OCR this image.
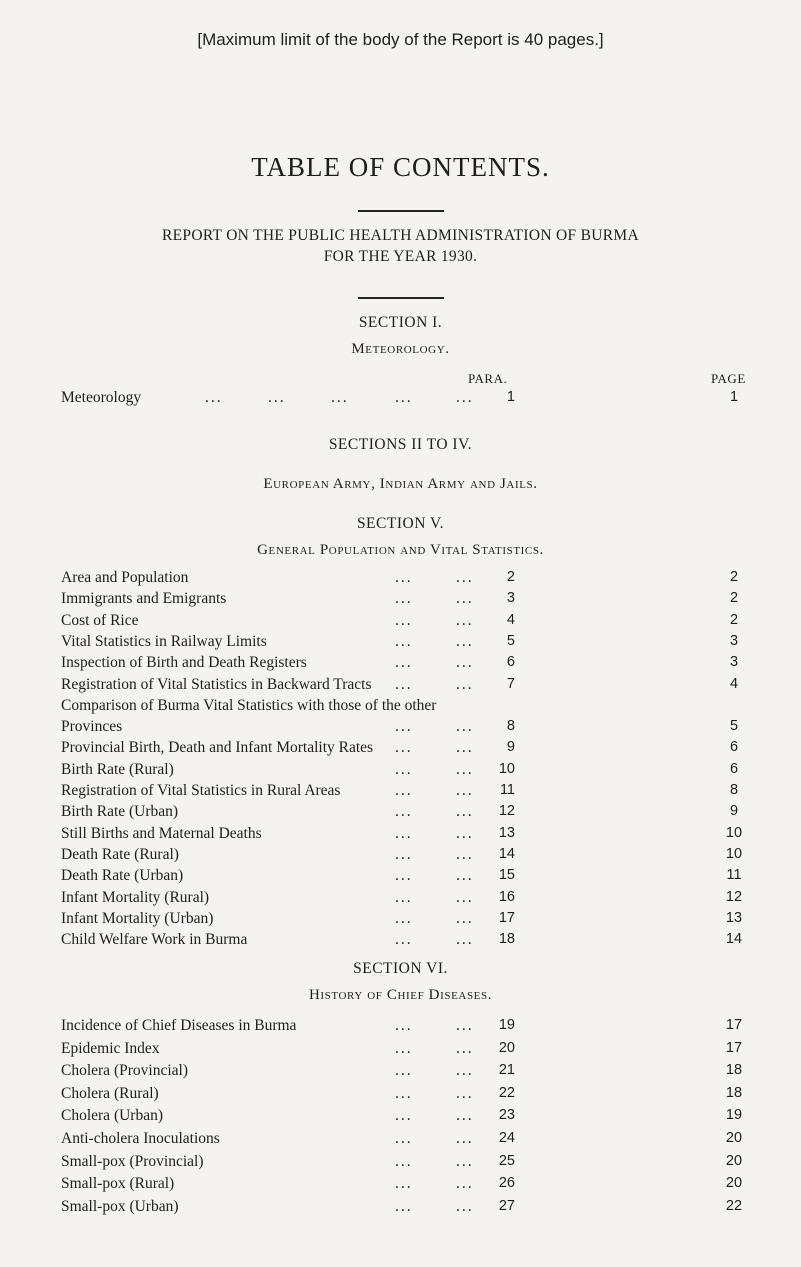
[Maximum limit of the body of the Report is 40 pages.]
TABLE OF CONTENTS.
REPORT ON THE PUBLIC HEALTH ADMINISTRATION OF BURMA
FOR THE YEAR 1930.
SECTION I.
Meteorology.
PARA.	PAGE
Meteorology	...	...	...	...	...	1	1
SECTIONS II TO IV.
European Army, Indian Army and Jails.
SECTION V.
General Population and Vital Statistics.
Area and Population	...	...	2	2
Immigrants and Emigrants	...	...	3	2
Cost of Rice	...	...	4	2
Vital Statistics in Railway Limits	...	...	5	3
Inspection of Birth and Death Registers	...	...	6	3
Registration of Vital Statistics in Backward Tracts ...	...	7	4
Comparison of Burma Vital Statistics with those of the other
Provinces	...	...	8	5
Provincial Birth, Death and Infant Mortality Rates ...	...	9	6
Birth Rate (Rural)	...	...	10	6
Registration of Vital Statistics in Rural Areas	...	...	11	8
Birth Rate (Urban)	...	...	12	9
Still Births and Maternal Deaths	...	...	13	10
Death Rate (Rural)	...	...	14	10
Death Rate (Urban)	...	...	15	11
Infant Mortality (Rural)	...	...	16	12
Infant Mortality (Urban)	...	...	17	13
Child Welfare Work in Burma	...	...	18	14
SECTION VI.
History of Chief Diseases.
Incidence of Chief Diseases in Burma	...	...	19	17
Epidemic Index	...	...	20	17
Cholera (Provincial)	...	...	21	18
Cholera (Rural)	...	...	22	18
Cholera (Urban)	...	...	23	19
Anti-cholera Inoculations	...	...	24	20
Small-pox (Provincial)	...	...	25	20
Small-pox (Rural)	...	...	26	20
Small-pox (Urban)	...	...	27	22
